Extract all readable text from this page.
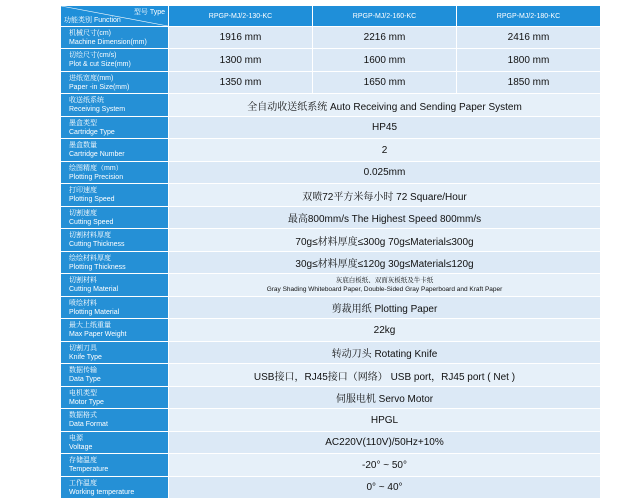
型号 Type
功能类别 Function	RPGP-MJ/2-130-KC	RPGP-MJ/2-160-KC	RPGP-MJ/2-180-KC

机械尺寸(cm)
Machine Dimension(mm)	1916 mm	2216 mm	2416 mm

切绘尺寸(cm/s)
Plot & cut Size(mm)	1300 mm	1600 mm	1800 mm

进纸宽度(mm)
Paper -in Size(mm)	1350 mm	1650 mm	1850 mm

收送纸系统
Receiving System	全自动收送纸系统 Auto Receiving and Sending Paper System		

墨盒类型
Cartridge Type	HP45		

墨盒数量
Cartridge Number	2		

绘图精度（mm）
Plotting Precision	0.025mm		

打印速度
Plotting Speed	双喷72平方米每小时 72 Square/Hour		

切割速度
Cutting Speed	最高800mm/s The Highest Speed 800mm/s		

切割材料厚度
Cutting Thickness	70g≤材料厚度≤300g 70g≤Material≤300g		

绘绘材料厚度
Plotting Thickness	30g≤材料厚度≤120g 30g≤Material≤120g		

切割材料
Cutting Material	灰底白板纸、双面灰板纸及牛卡纸
Gray Shading Whiteboard Paper, Double-Sided Gray Paperboard and Kraft Paper		

喷绘材料
Plotting Material	剪裁用纸 Plotting Paper		

最大上纸重量
Max Paper Weight	22kg		

切割刀具
Knife Type	转动刀头 Rotating Knife		

数据传输
Data Type	USB接口，RJ45接口（网络） USB port，RJ45 port ( Net )		

电机类型
Motor Type	伺服电机 Servo Motor		

数据格式
Data Format	HPGL		

电源
Voltage	AC220V(110V)/50Hz+10%		

存储温度
Temperature	-20° ~ 50°		

工作温度
Working temperature	0° ~ 40°		
